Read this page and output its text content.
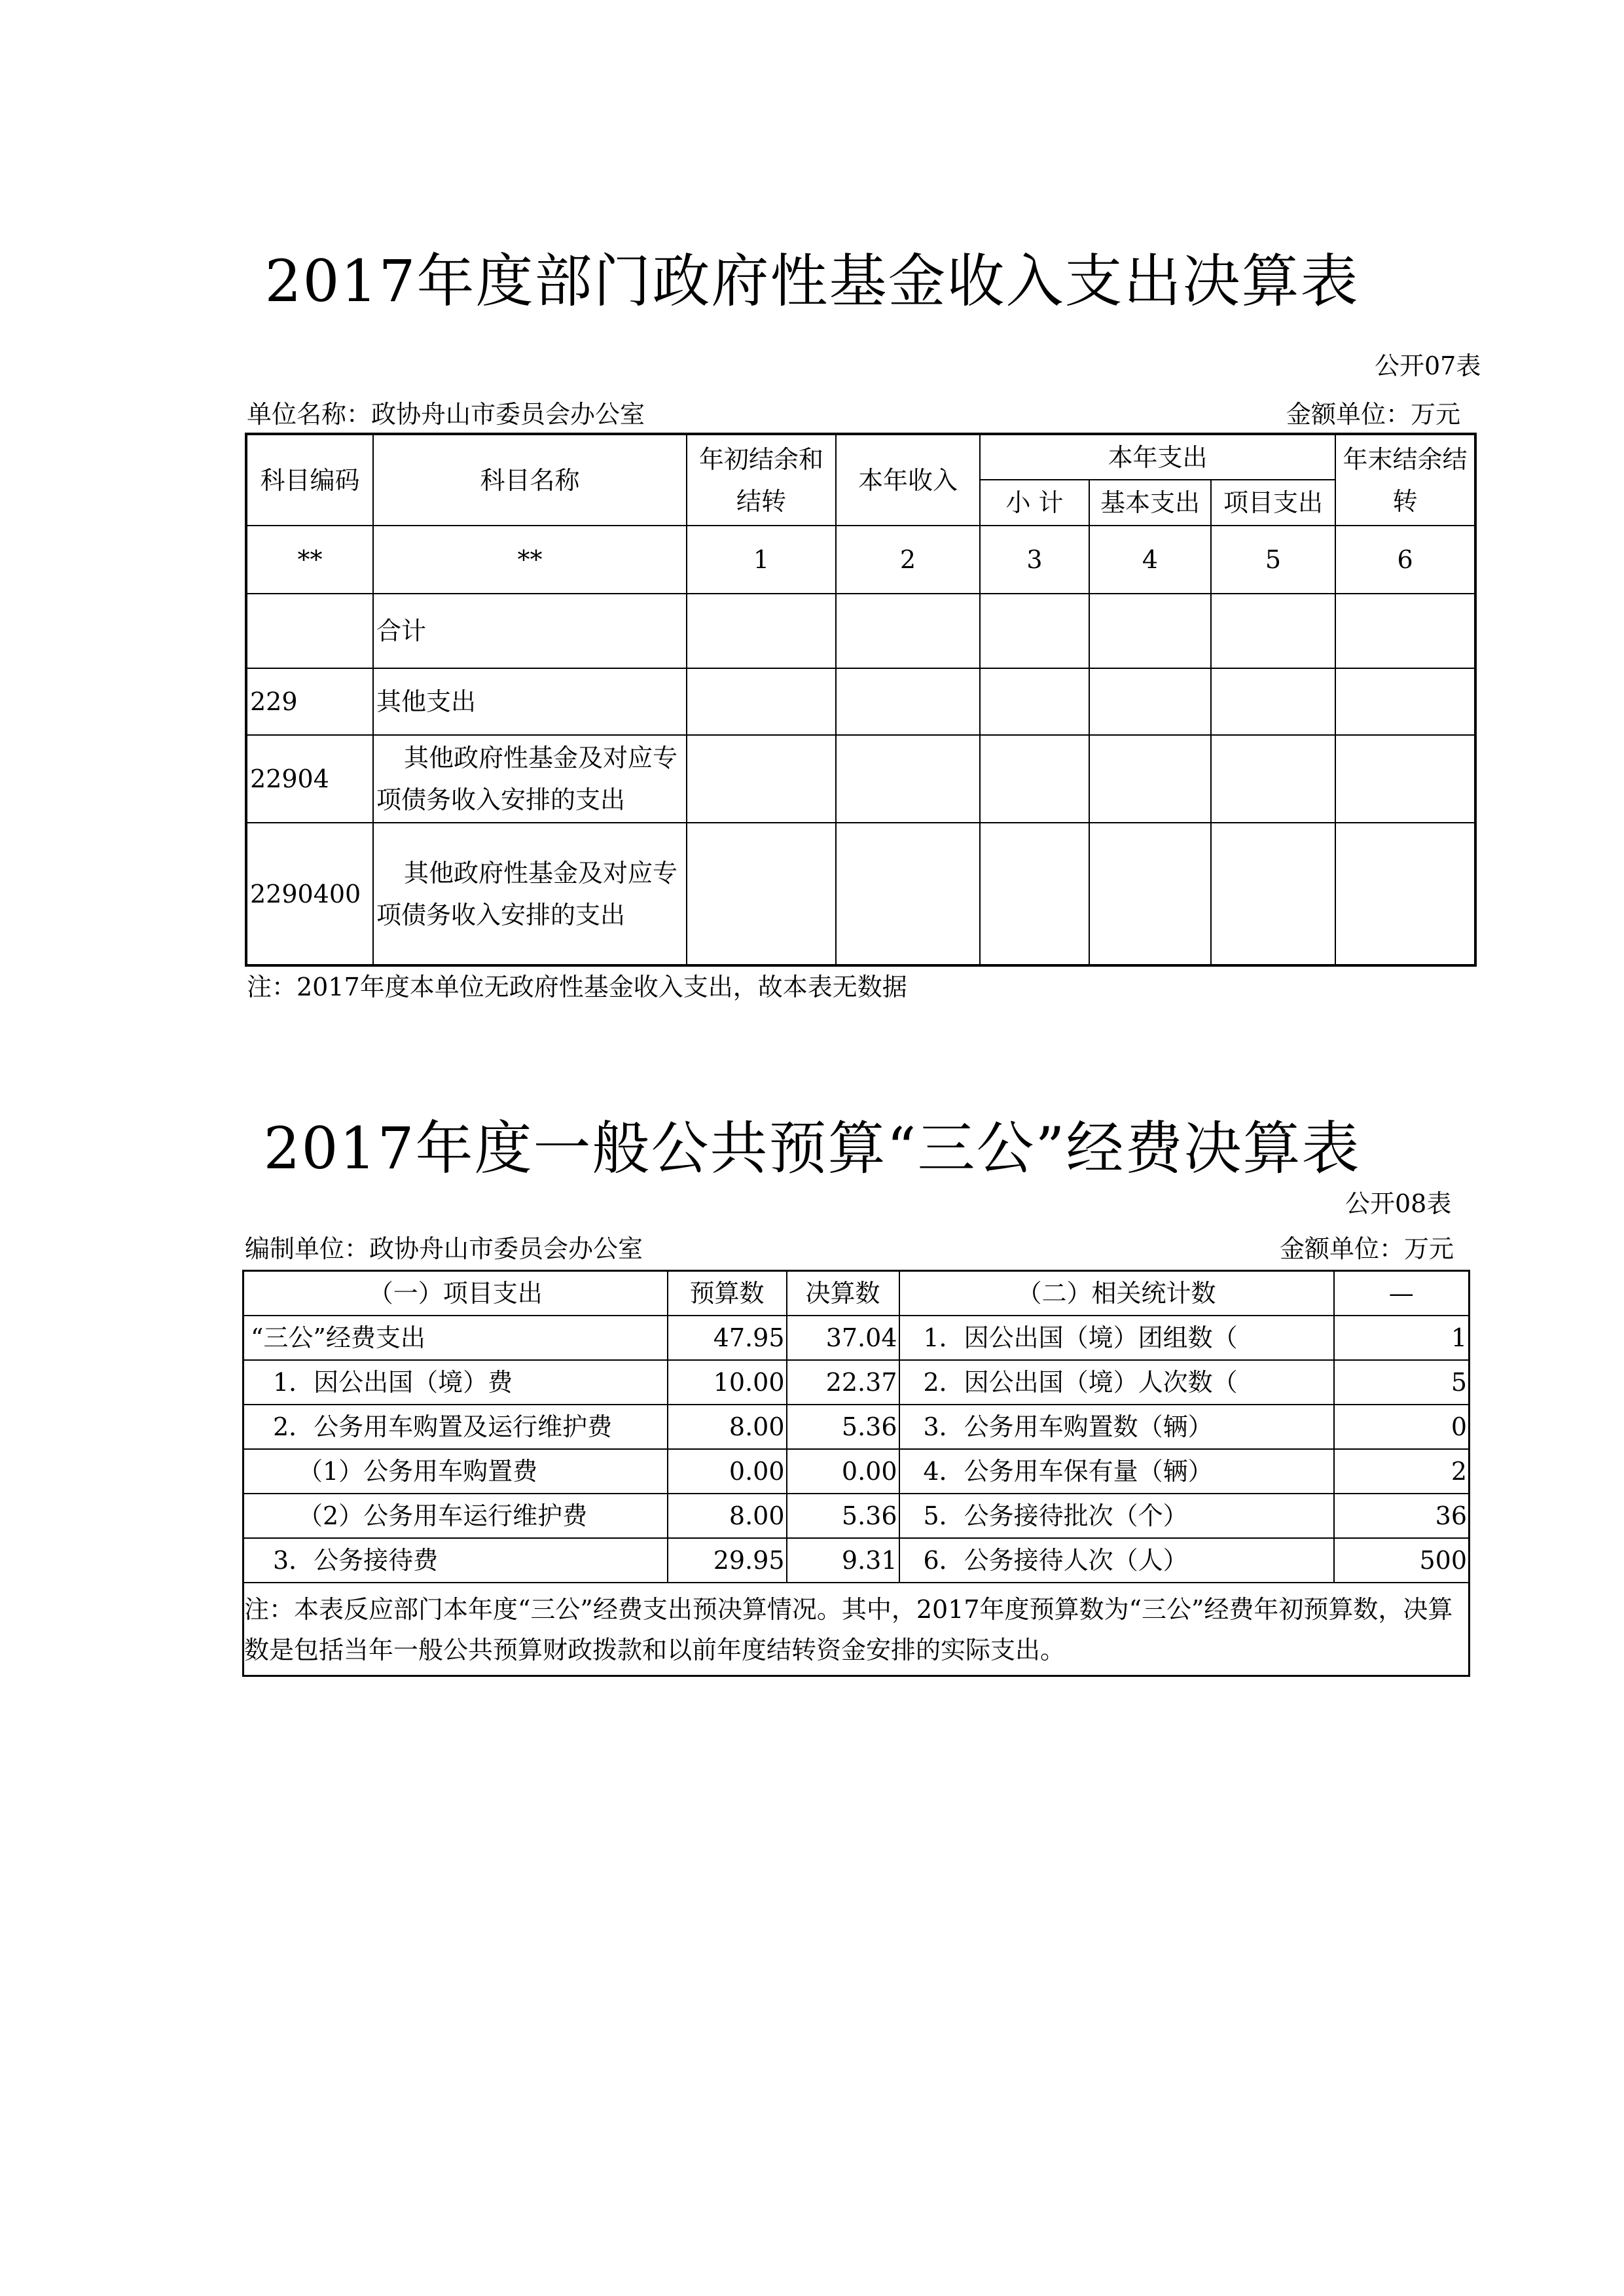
2017年度部门政府性基金收入支出决算表
公开07表
单位名称：政协舟山市委员会办公室	金额单位：万元
科目编码	科目名称	年初结余和结转	本年收入	本年支出			年末结余结转
				小 计	基本支出	项目支出	
**	**	1	2	3	4	5	6
	合计						
229	其他支出						
22904	其他政府性基金及对应专项债务收入安排的支出						
2290400	其他政府性基金及对应专项债务收入安排的支出						
注：2017年度本单位无政府性基金收入支出，故本表无数据
2017年度一般公共预算“三公”经费决算表
公开08表
编制单位：政协舟山市委员会办公室	金额单位：万元
（一）项目支出	预算数	决算数	（二）相关统计数	—
“三公”经费支出	47.95	37.04	1．因公出国（境）团组数（	1
1．因公出国（境）费	10.00	22.37	2．因公出国（境）人次数（	5
2．公务用车购置及运行维护费	8.00	5.36	3．公务用车购置数（辆）	0
（1）公务用车购置费	0.00	0.00	4．公务用车保有量（辆）	2
（2）公务用车运行维护费	8.00	5.36	5．公务接待批次（个）	36
3．公务接待费	29.95	9.31	6．公务接待人次（人）	500
注：本表反应部门本年度“三公”经费支出预决算情况。其中，2017年度预算数为“三公”经费年初预算数，决算数是包括当年一般公共预算财政拨款和以前年度结转资金安排的实际支出。				
